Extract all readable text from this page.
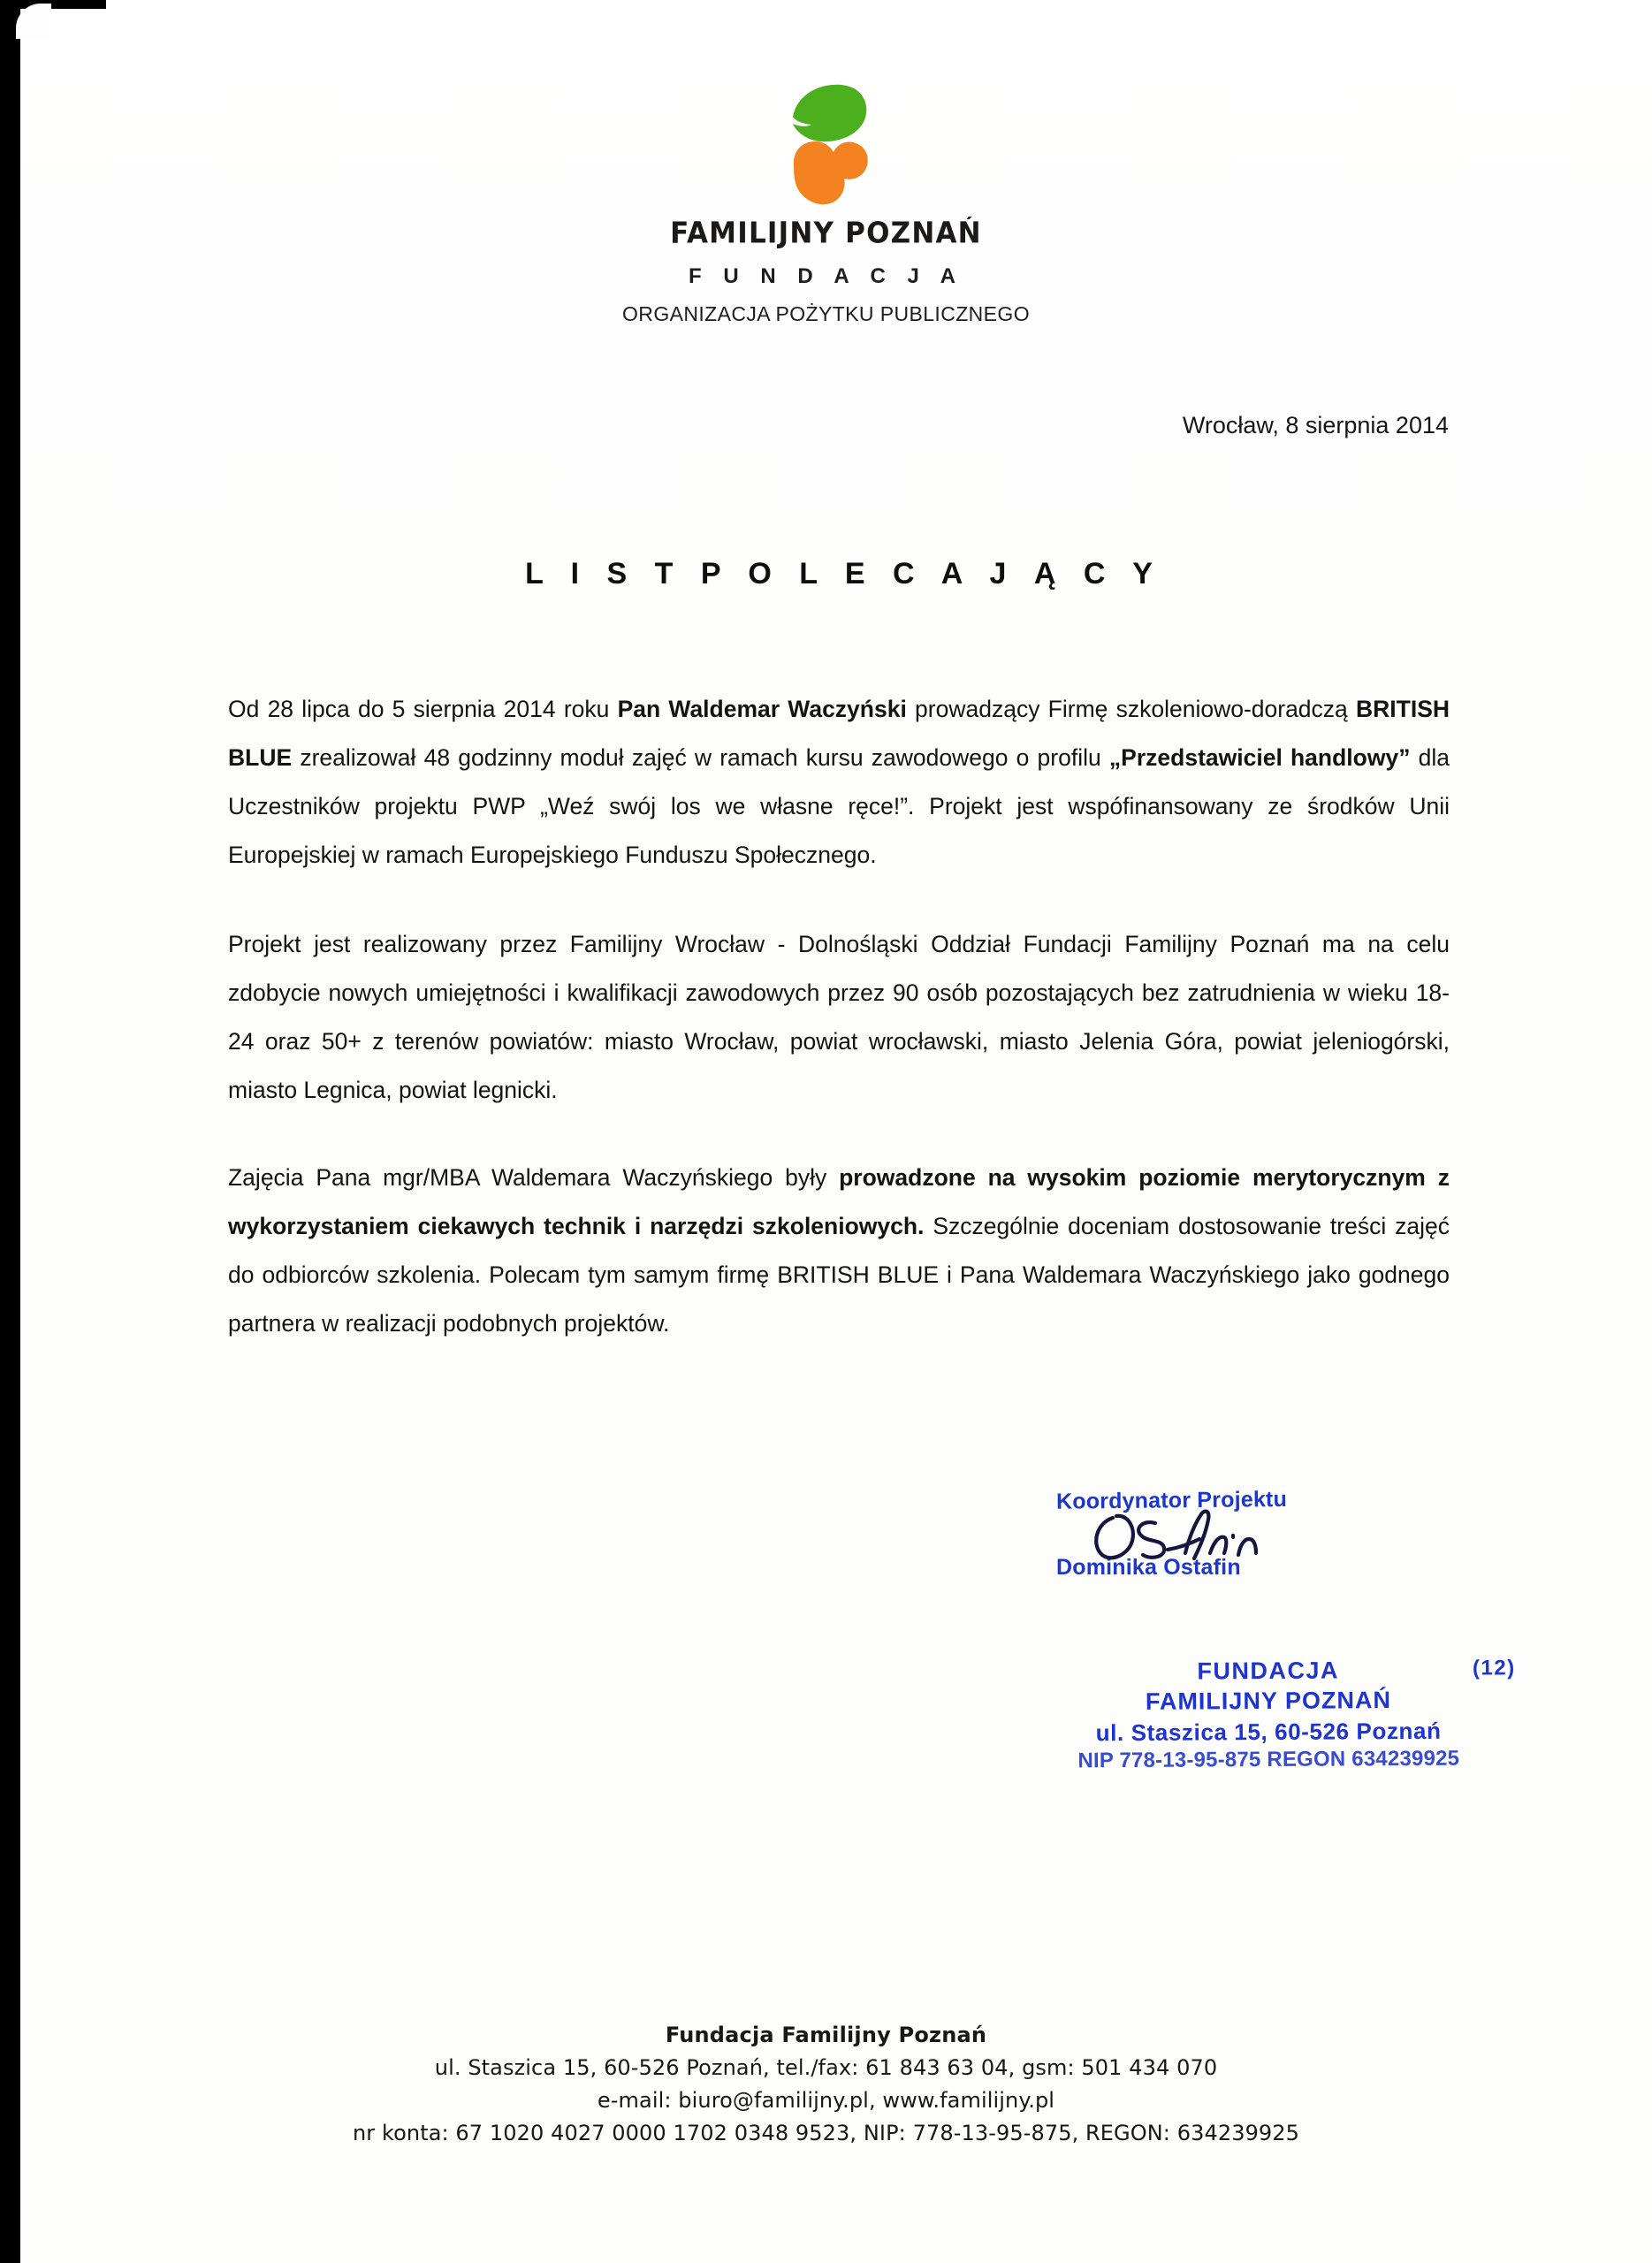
FAMILIJNY POZNAŃ
F U N D A C J A
ORGANIZACJA POŻYTKU PUBLICZNEGO
Wrocław, 8 sierpnia 2014
L I S T P O L E C A J Ą C Y

Od 28 lipca do 5 sierpnia 2014 roku Pan Waldemar Waczyński prowadzący Firmę szkoleniowo-doradczą BRITISH BLUE zrealizował 48 godzinny moduł zajęć w ramach kursu zawodowego o profilu „Przedstawiciel handlowy” dla Uczestników projektu PWP „Weź swój los we własne ręce!”. Projekt jest wspófinansowany ze środków Unii Europejskiej w ramach Europejskiego Funduszu Społecznego.

Projekt jest realizowany przez Familijny Wrocław - Dolnośląski Oddział Fundacji Familijny Poznań ma na celu zdobycie nowych umiejętności i kwalifikacji zawodowych przez 90 osób pozostających bez zatrudnienia w wieku 18-24 oraz 50+ z terenów powiatów: miasto Wrocław, powiat wrocławski, miasto Jelenia Góra, powiat jeleniogórski, miasto Legnica, powiat legnicki.

Zajęcia Pana mgr/MBA Waldemara Waczyńskiego były prowadzone na wysokim poziomie merytorycznym z wykorzystaniem ciekawych technik i narzędzi szkoleniowych. Szczególnie doceniam dostosowanie treści zajęć do odbiorców szkolenia. Polecam tym samym firmę BRITISH BLUE i Pana Waldemara Waczyńskiego jako godnego partnera w realizacji podobnych projektów.

Koordynator Projektu
Dominika Ostafin
FUNDACJA	(12)
FAMILIJNY POZNAŃ
ul. Staszica 15, 60-526 Poznań
NIP 778-13-95-875 REGON 634239925
Fundacja Familijny Poznań
ul. Staszica 15, 60-526 Poznań, tel./fax: 61 843 63 04, gsm: 501 434 070
e-mail: biuro@familijny.pl, www.familijny.pl
nr konta: 67 1020 4027 0000 1702 0348 9523, NIP: 778-13-95-875, REGON: 634239925
